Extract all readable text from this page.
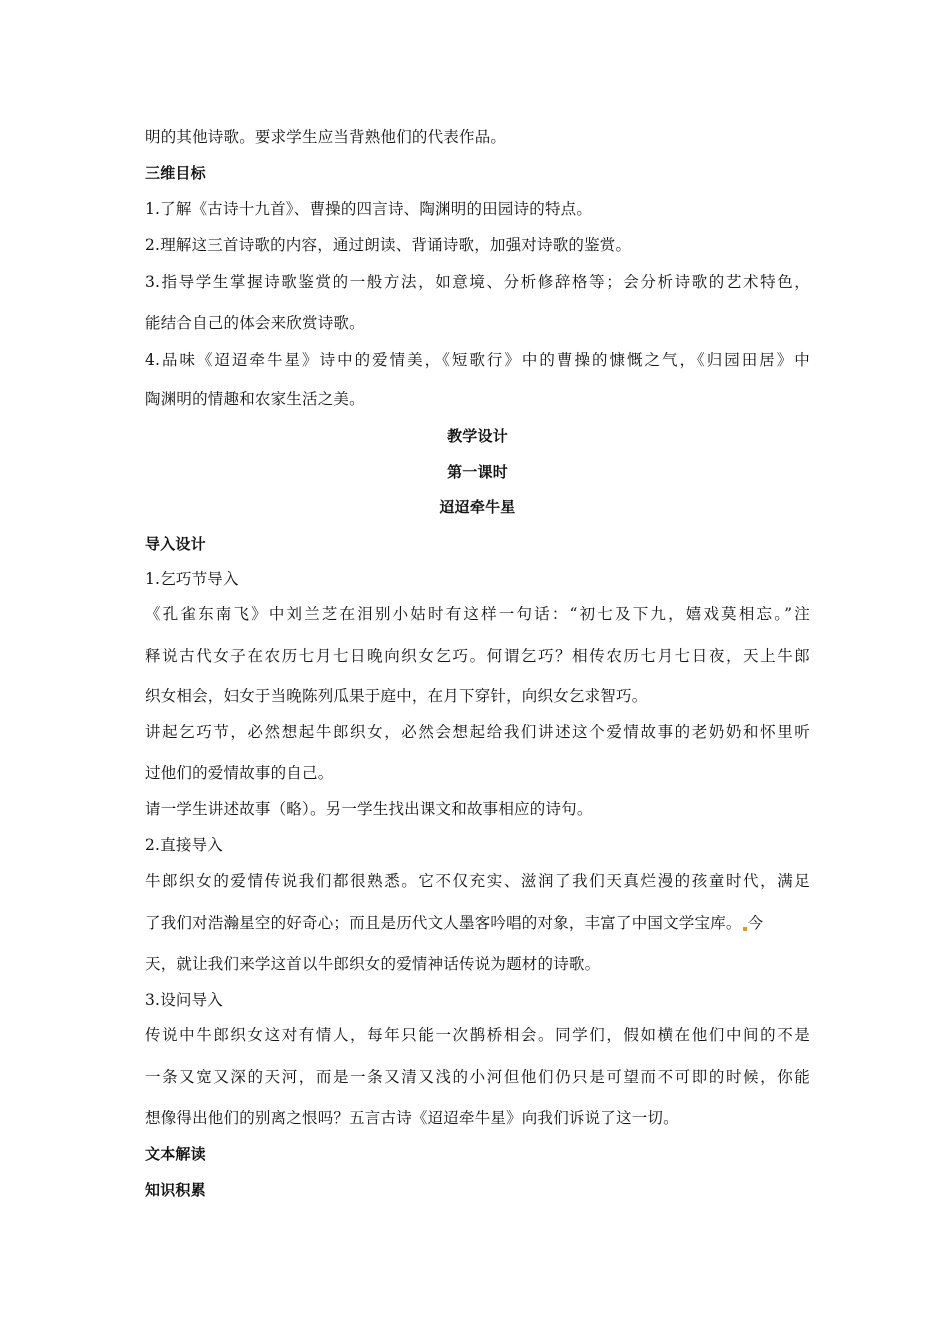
明的其他诗歌。要求学生应当背熟他们的代表作品。
三维目标
1.了解《古诗十九首》、曹操的四言诗、陶渊明的田园诗的特点。
2.理解这三首诗歌的内容，通过朗读、背诵诗歌，加强对诗歌的鉴赏。
3.指导学生掌握诗歌鉴赏的一般方法，如意境、分析修辞格等；会分析诗歌的艺术特色，
能结合自己的体会来欣赏诗歌。
4.品味《迢迢牵牛星》诗中的爱情美，《短歌行》中的曹操的慷慨之气，《归园田居》中
陶渊明的情趣和农家生活之美。
教学设计
第一课时
迢迢牵牛星
导入设计
1.乞巧节导入
《孔雀东南飞》中刘兰芝在泪别小姑时有这样一句话：“初七及下九，嬉戏莫相忘。”注
释说古代女子在农历七月七日晚向织女乞巧。何谓乞巧？相传农历七月七日夜，天上牛郎
织女相会，妇女于当晚陈列瓜果于庭中，在月下穿针，向织女乞求智巧。
讲起乞巧节，必然想起牛郎织女，必然会想起给我们讲述这个爱情故事的老奶奶和怀里听
过他们的爱情故事的自己。
请一学生讲述故事（略）。另一学生找出课文和故事相应的诗句。
2.直接导入
牛郎织女的爱情传说我们都很熟悉。它不仅充实、滋润了我们天真烂漫的孩童时代，满足
了我们对浩瀚星空的好奇心；而且是历代文人墨客吟唱的对象，丰富了中国文学宝库。 今
天，就让我们来学这首以牛郎织女的爱情神话传说为题材的诗歌。
3.设问导入
传说中牛郎织女这对有情人，每年只能一次鹊桥相会。同学们，假如横在他们中间的不是
一条又宽又深的天河，而是一条又清又浅的小河但他们仍只是可望而不可即的时候，你能
想像得出他们的别离之恨吗？五言古诗《迢迢牵牛星》向我们诉说了这一切。
文本解读
知识积累
